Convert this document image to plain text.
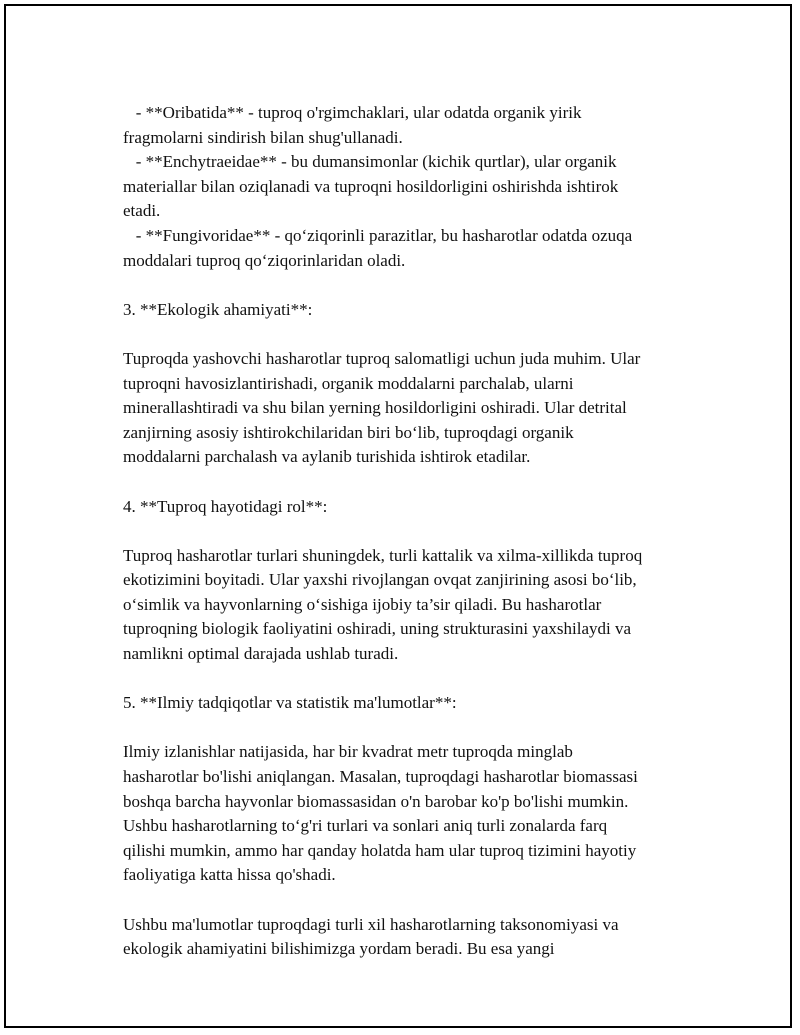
- **Oribatida** - tuproq o'rgimchaklari, ular odatda organik yirik
fragmolarni sindirish bilan shug'ullanadi.
- **Enchytraeidae** - bu dumansimonlar (kichik qurtlar), ular organik
materiallar bilan oziqlanadi va tuproqni hosildorligini oshirishda ishtirok
etadi.
- **Fungivoridae** - qo‘ziqorinli parazitlar, bu hasharotlar odatda ozuqa
moddalari tuproq qo‘ziqorinlaridan oladi.
3. **Ekologik ahamiyati**:
Tuproqda yashovchi hasharotlar tuproq salomatligi uchun juda muhim. Ular
tuproqni havosizlantirishadi, organik moddalarni parchalab, ularni
minerallashtiradi va shu bilan yerning hosildorligini oshiradi. Ular detrital
zanjirning asosiy ishtirokchilaridan biri bo‘lib, tuproqdagi organik
moddalarni parchalash va aylanib turishida ishtirok etadilar.
4. **Tuproq hayotidagi rol**:
Tuproq hasharotlar turlari shuningdek, turli kattalik va xilma-xillikda tuproq
ekotizimini boyitadi. Ular yaxshi rivojlangan ovqat zanjirining asosi bo‘lib,
o‘simlik va hayvonlarning o‘sishiga ijobiy ta’sir qiladi. Bu hasharotlar
tuproqning biologik faoliyatini oshiradi, uning strukturasini yaxshilaydi va
namlikni optimal darajada ushlab turadi.
5. **Ilmiy tadqiqotlar va statistik ma'lumotlar**:
Ilmiy izlanishlar natijasida, har bir kvadrat metr tuproqda minglab
hasharotlar bo'lishi aniqlangan. Masalan, tuproqdagi hasharotlar biomassasi
boshqa barcha hayvonlar biomassasidan o'n barobar ko'p bo'lishi mumkin.
Ushbu hasharotlarning to‘g'ri turlari va sonlari aniq turli zonalarda farq
qilishi mumkin, ammo har qanday holatda ham ular tuproq tizimini hayotiy
faoliyatiga katta hissa qo'shadi.
Ushbu ma'lumotlar tuproqdagi turli xil hasharotlarning taksonomiyasi va
ekologik ahamiyatini bilishimizga yordam beradi. Bu esa yangi
